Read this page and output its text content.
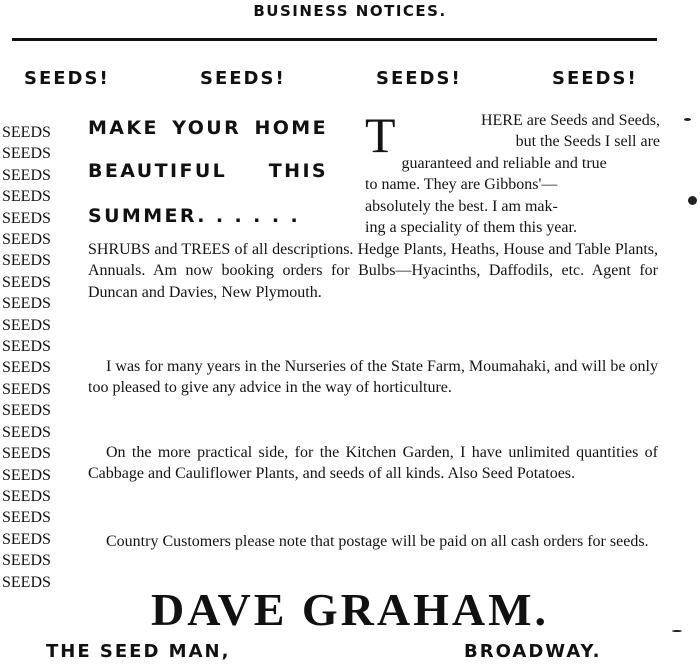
BUSINESS NOTICES.
SEEDS!	SEEDS!	SEEDS!	SEEDS!
SEEDS
SEEDS
SEEDS
SEEDS
SEEDS
SEEDS
SEEDS
SEEDS
SEEDS
SEEDS
SEEDS
SEEDS
SEEDS
SEEDS
SEEDS
SEEDS
SEEDS
SEEDS
SEEDS
SEEDS
SEEDS
SEEDS
MAKE YOUR HOME
BEAUTIFUL THIS
SUMMER. . . . . .
T	HERE are Seeds and Seeds,
but the Seeds I sell are
guaranteed and reliable and true
to name. They are Gibbons'—
absolutely the best. I am mak-
ing a speciality of them this year.
SHRUBS and TREES of all descriptions. Hedge Plants, Heaths, House and Table Plants, Annuals. Am now booking orders for Bulbs—Hyacinths, Daffodils, etc. Agent for Duncan and Davies, New Plymouth.
I was for many years in the Nurseries of the State Farm, Moumahaki, and will be only too pleased to give any advice in the way of horticulture.
On the more practical side, for the Kitchen Garden, I have unlimited quantities of Cabbage and Cauliflower Plants, and seeds of all kinds. Also Seed Potatoes.
Country Customers please note that postage will be paid on all cash orders for seeds.
DAVE GRAHAM.
THE SEED MAN,	BROADWAY.
